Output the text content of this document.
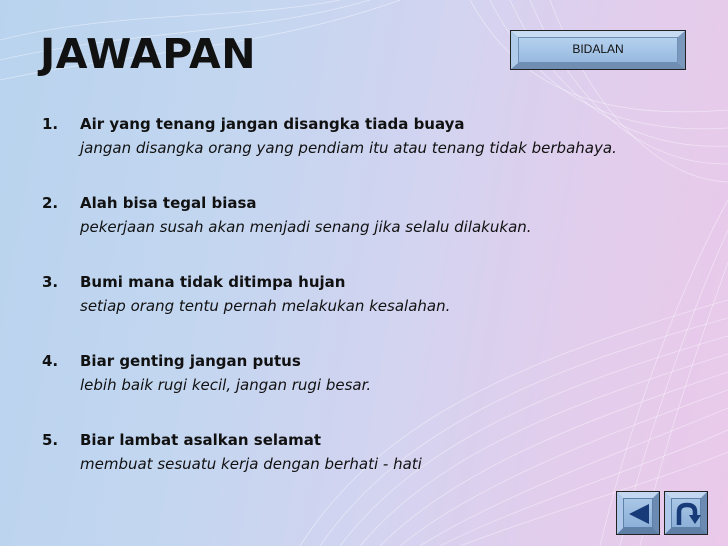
JAWAPAN	BIDALAN
1. Air yang tenang jangan disangka tiada buaya
jangan disangka orang yang pendiam itu atau tenang tidak berbahaya.
2. Alah bisa tegal biasa
pekerjaan susah akan menjadi senang jika selalu dilakukan.
3. Bumi mana tidak ditimpa hujan
setiap orang tentu pernah melakukan kesalahan.
4. Biar genting jangan putus
lebih baik rugi kecil, jangan rugi besar.
5. Biar lambat asalkan selamat
membuat sesuatu kerja dengan berhati - hati
